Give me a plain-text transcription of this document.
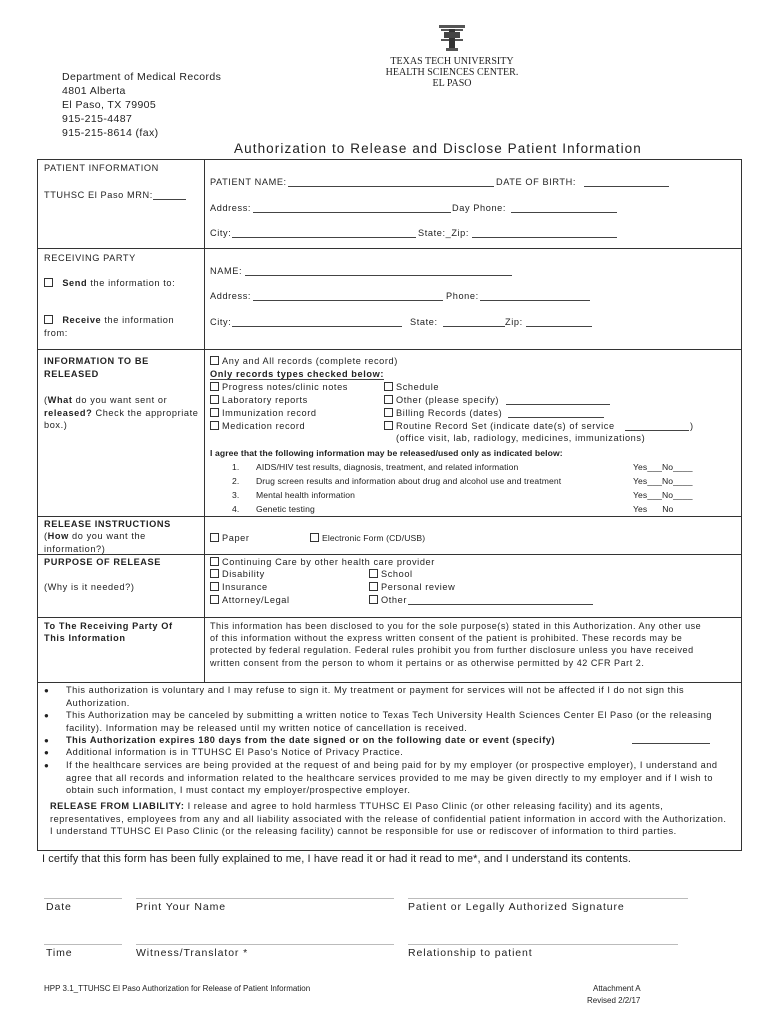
Department of Medical Records
4801 Alberta
El Paso, TX 79905
915-215-4487
915-215-8614 (fax)
TEXAS TECH UNIVERSITY
HEALTH SCIENCES CENTER.
EL PASO
Authorization to Release and Disclose Patient Information
PATIENT INFORMATION
TTUHSC El Paso MRN:
PATIENT NAME:	DATE OF BIRTH:
Address:	Day Phone:
City:	State:_Zip:
RECEIVING PARTY
Send the information to:
Receive the information from:
NAME:
Address:	Phone:
City:	State:	Zip:
INFORMATION TO BE
RELEASED
(What do you want sent or released? Check the appropriate box.)
Any and All records (complete record)
Only records types checked below:
Progress notes/clinic notes	Schedule
Laboratory reports	Other (please specify)
Immunization record	Billing Records (dates)
Medication record	Routine Record Set (indicate date(s) of service	)
(office visit, lab, radiology, medicines, immunizations)
I agree that the following information may be released/used only as indicated below:
1. AIDS/HIV test results, diagnosis, treatment, and related information	Yes___No____
2. Drug screen results and information about drug and alcohol use and treatment	Yes___No____
3. Mental health information	Yes___No____
4. Genetic testing	Yes      No
RELEASE INSTRUCTIONS
(How do you want the information?)
Paper	Electronic Form (CD/USB)
PURPOSE OF RELEASE
(Why is it needed?)
Continuing Care by other health care provider
Disability	School
Insurance	Personal review
Attorney/Legal	Other
To The Receiving Party Of
This Information
This information has been disclosed to you for the sole purpose(s) stated in this Authorization. Any other use of this information without the express written consent of the patient is prohibited. These records may be protected by federal regulation. Federal rules prohibit you from further disclosure unless you have received written consent from the person to whom it pertains or as otherwise permitted by 42 CFR Part 2.
● This authorization is voluntary and I may refuse to sign it. My treatment or payment for services will not be affected if I do not sign this Authorization.
● This Authorization may be canceled by submitting a written notice to Texas Tech University Health Sciences Center El Paso (or the releasing facility). Information may be released until my written notice of cancellation is received.
● This Authorization expires 180 days from the date signed or on the following date or event (specify)
● Additional information is in TTUHSC El Paso's Notice of Privacy Practice.
● If the healthcare services are being provided at the request of and being paid for by my employer (or prospective employer), I understand and agree that all records and information related to the healthcare services provided to me may be given directly to my employer and if I wish to obtain such information, I must contact my employer/prospective employer.
RELEASE FROM LIABILITY: I release and agree to hold harmless TTUHSC El Paso Clinic (or other releasing facility) and its agents, representatives, employees from any and all liability associated with the release of confidential patient information in accord with the Authorization. I understand TTUHSC El Paso Clinic (or the releasing facility) cannot be responsible for use or rediscover of information to third parties.
I certify that this form has been fully explained to me, I have read it or had it read to me*, and I understand its contents.
Date	Print Your Name	Patient or Legally Authorized Signature
Time	Witness/Translator *	Relationship to patient
HPP 3.1_TTUHSC El Paso Authorization for Release of Patient Information	Attachment A
Revised 2/2/17
